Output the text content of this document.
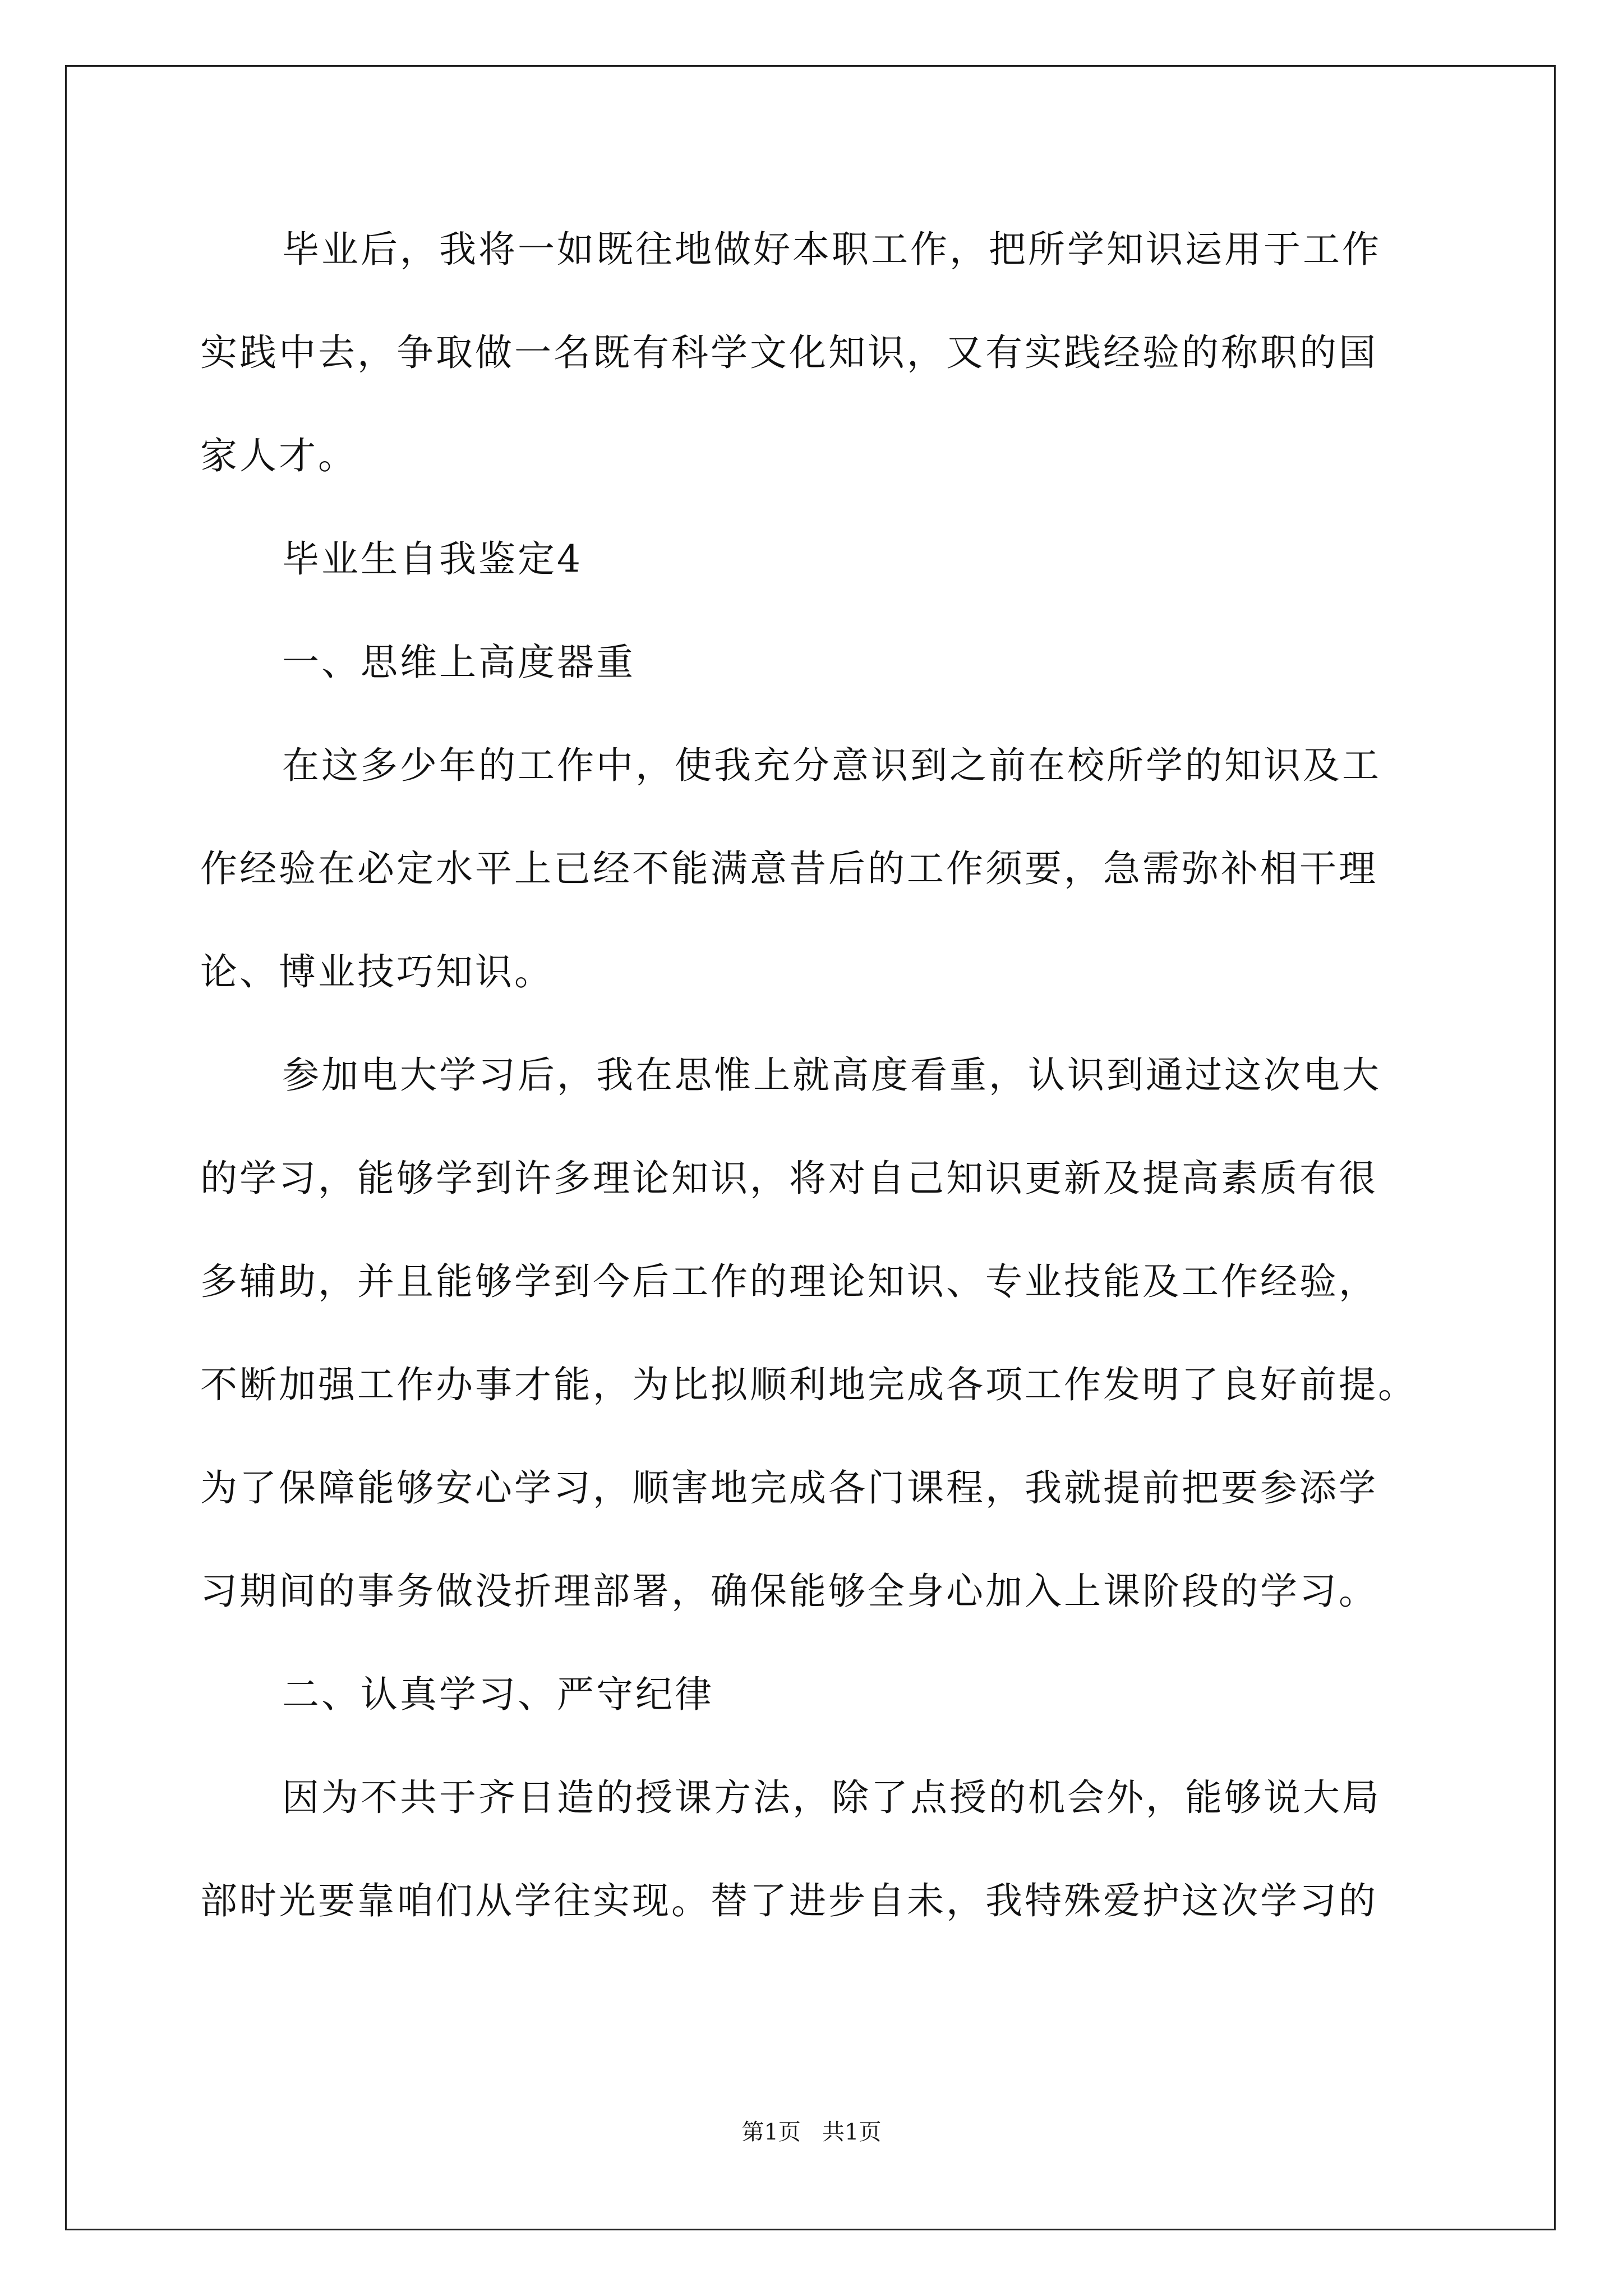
毕业后，我将一如既往地做好本职工作，把所学知识运用于工作
实践中去，争取做一名既有科学文化知识，又有实践经验的称职的国
家人才。
毕业生自我鉴定4
一、思维上高度器重
在这多少年的工作中，使我充分意识到之前在校所学的知识及工
作经验在必定水平上已经不能满意昔后的工作须要，急需弥补相干理
论、博业技巧知识。
参加电大学习后，我在思惟上就高度看重，认识到通过这次电大
的学习，能够学到许多理论知识，将对自己知识更新及提高素质有很
多辅助，并且能够学到今后工作的理论知识、专业技能及工作经验，
不断加强工作办事才能，为比拟顺利地完成各项工作发明了良好前提。
为了保障能够安心学习，顺害地完成各门课程，我就提前把要参添学
习期间的事务做没折理部署，确保能够全身心加入上课阶段的学习。
二、认真学习、严守纪律
因为不共于齐日造的授课方法，除了点授的机会外，能够说大局
部时光要靠咱们从学往实现。替了进步自未，我特殊爱护这次学习的
第1页   共1页
